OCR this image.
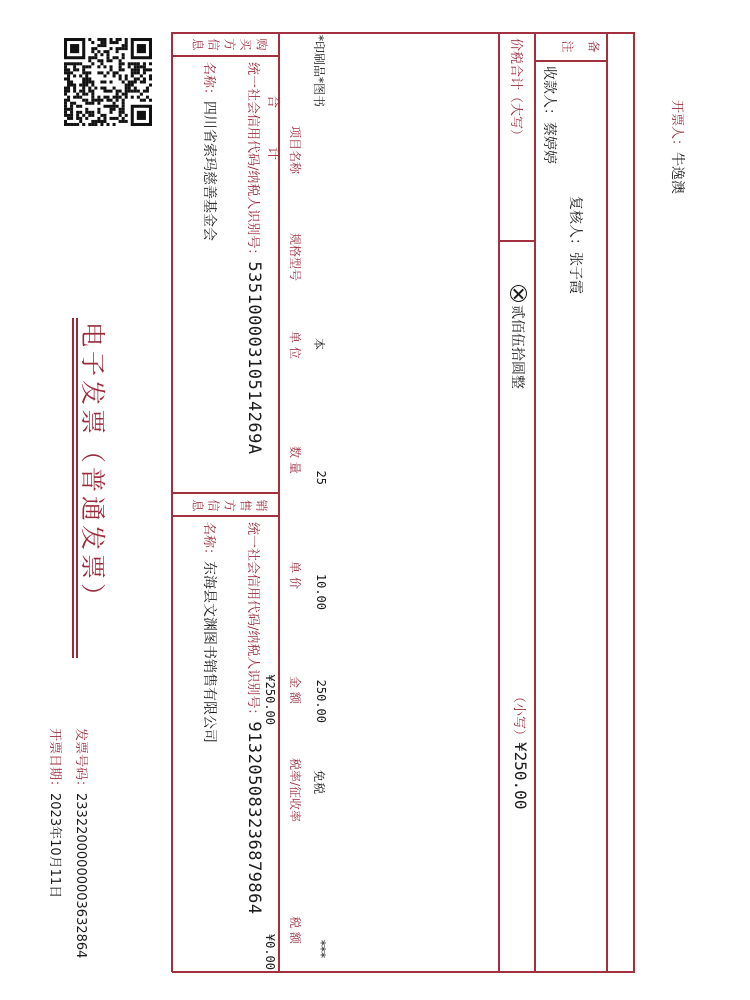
电子发票（普通发票）
发票号码：23322000000003632864
开票日期：2023年10月11日
购买方信息
销售方信息
名称：四川省索玛慈善基金会 统一社会信用代码/纳税人识别号：53510000310514269A
名称：东海县文渊图书销售有限公司 统一社会信用代码/纳税人识别号：913205083236879864
项目名称
规格型号
单 位
数 量
单 价
金 额
税率/征收率
税 额
*印刷品*图书
本
25
10.00
250.00
免税
***
合　　　计
¥250.00
¥0.00
价税合计（大写）
贰佰伍拾圆整
（小写）¥250.00
备注
收款人：蔡婷婷
复核人：张子霞
开票人：牛逸澳
